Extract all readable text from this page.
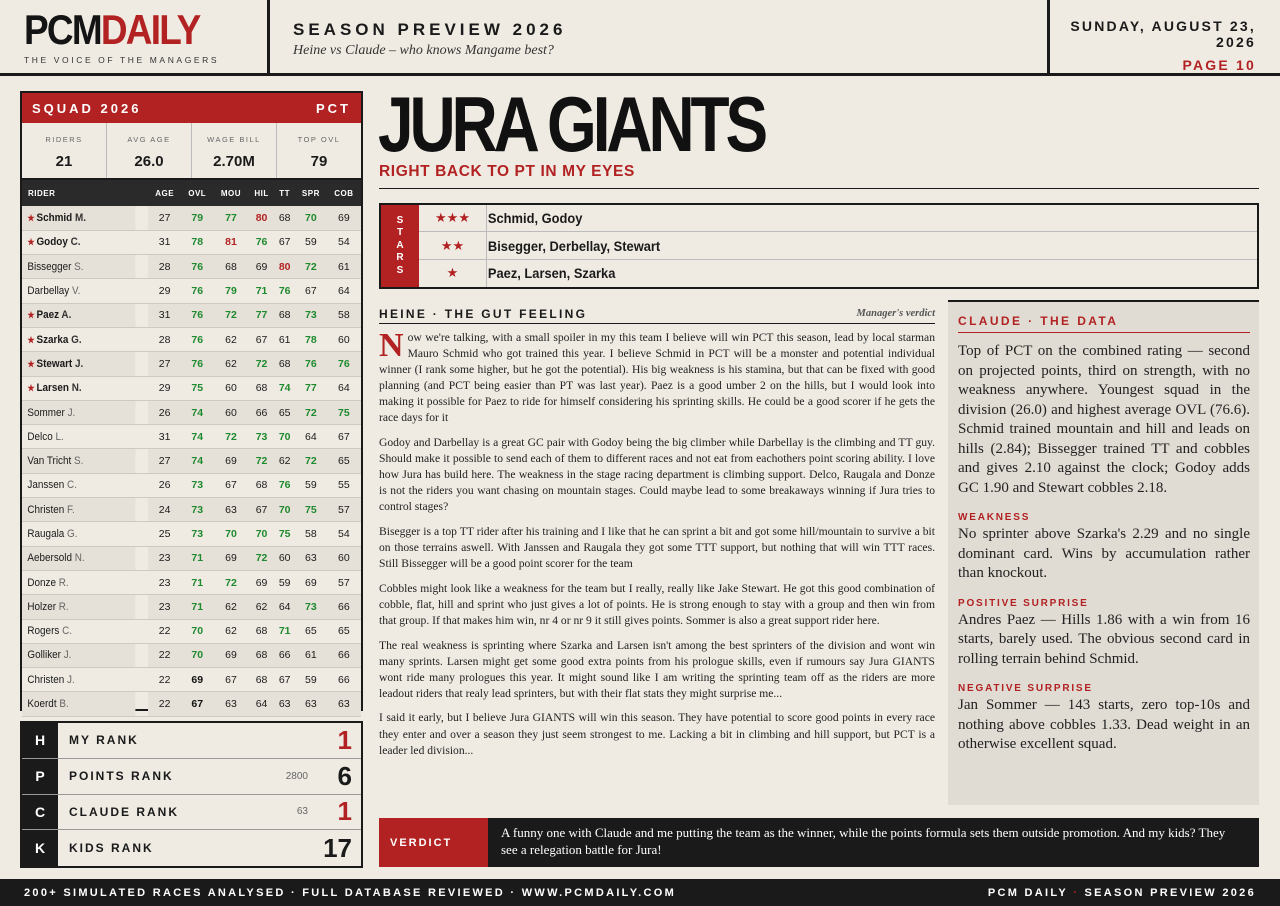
PCMDAILY
THE VOICE OF THE MANAGERS
SEASON PREVIEW 2026
Heine vs Claude – who knows Mangame best?
SUNDAY, AUGUST 23, 2026
PAGE 10
SQUAD 2026	PCT
RIDERS
21
AVG AGE
26.0
WAGE BILL
2.70M
TOP OVL
79
RIDER	AGE	OVL	MOU	HIL	TT	SPR	COB
★ Schmid M.	27	79	77	80	68	70	69
★ Godoy C.	31	78	81	76	67	59	54
Bissegger S.	28	76	68	69	80	72	61
Darbellay V.	29	76	79	71	76	67	64
★ Paez A.	31	76	72	77	68	73	58
★ Szarka G.	28	76	62	67	61	78	60
★ Stewart J.	27	76	62	72	68	76	76
★ Larsen N.	29	75	60	68	74	77	64
Sommer J.	26	74	60	66	65	72	75
Delco L.	31	74	72	73	70	64	67
Van Tricht S.	27	74	69	72	62	72	65
Janssen C.	26	73	67	68	76	59	55
Christen F.	24	73	63	67	70	75	57
Raugala G.	25	73	70	70	75	58	54
Aebersold N.	23	71	69	72	60	63	60
Donze R.	23	71	72	69	59	69	57
Holzer R.	23	71	62	62	64	73	66
Rogers C.	22	70	62	68	71	65	65
Golliker J.	22	70	69	68	66	61	66
Christen J.	22	69	67	68	67	59	66
Koerdt B.	22	67	63	64	63	63	63
H	MY RANK	1
P	POINTS RANK	2800	6
C	CLAUDE RANK	63	1
K	KIDS RANK	17
JURA GIANTS
RIGHT BACK TO PT IN MY EYES
S
T
A
R
S
★★★	Schmid, Godoy
★★	Bisegger, Derbellay, Stewart
★	Paez, Larsen, Szarka
HEINE · THE GUT FEELING	Manager's verdict

Now we're talking, with a small spoiler in my this team I believe will win PCT this season, lead by local starman Mauro Schmid who got trained this year. I believe Schmid in PCT will be a monster and potential individual winner (I rank some higher, but he got the potential). His big weakness is his stamina, but that can be fixed with good planning (and PCT being easier than PT was last year). Paez is a good umber 2 on the hills, but I would look into making it possible for Paez to ride for himself considering his sprinting skills. He could be a good scorer if he gets the race days for it

Godoy and Darbellay is a great GC pair with Godoy being the big climber while Darbellay is the climbing and TT guy. Should make it possible to send each of them to different races and not eat from eachothers point scoring ability. I love how Jura has build here. The weakness in the stage racing department is climbing support. Delco, Raugala and Donze is not the riders you want chasing on mountain stages. Could maybe lead to some breakaways winning if Jura tries to control stages?

Bisegger is a top TT rider after his training and I like that he can sprint a bit and got some hill/mountain to survive a bit on those terrains aswell. With Janssen and Raugala they got some TTT support, but nothing that will win TTT races. Still Bissegger will be a good point scorer for the team

Cobbles might look like a weakness for the team but I really, really like Jake Stewart. He got this good combination of cobble, flat, hill and sprint who just gives a lot of points. He is strong enough to stay with a group and then win from that group. If that makes him win, nr 4 or nr 9 it still gives points. Sommer is also a great support rider here.

The real weakness is sprinting where Szarka and Larsen isn't among the best sprinters of the division and wont win many sprints. Larsen might get some good extra points from his prologue skills, even if rumours say Jura GIANTS wont ride many prologues this year. It might sound like I am writing the sprinting team off as the riders are more leadout riders that realy lead sprinters, but with their flat stats they might surprise me...

I said it early, but I believe Jura GIANTS will win this season. They have potential to score good points in every race they enter and over a season they just seem strongest to me. Lacking a bit in climbing and hill support, but PCT is a leader led division...

CLAUDE · THE DATA
Top of PCT on the combined rating — second on projected points, third on strength, with no weakness anywhere. Youngest squad in the division (26.0) and highest average OVL (76.6). Schmid trained mountain and hill and leads on hills (2.84); Bissegger trained TT and cobbles and gives 2.10 against the clock; Godoy adds GC 1.90 and Stewart cobbles 2.18.
WEAKNESS
No sprinter above Szarka's 2.29 and no single dominant card. Wins by accumulation rather than knockout.
POSITIVE SURPRISE
Andres Paez — Hills 1.86 with a win from 16 starts, barely used. The obvious second card in rolling terrain behind Schmid.
NEGATIVE SURPRISE
Jan Sommer — 143 starts, zero top-10s and nothing above cobbles 1.33. Dead weight in an otherwise excellent squad.
VERDICT
A funny one with Claude and me putting the team as the winner, while the points formula sets them outside promotion. And my kids? They see a relegation battle for Jura!
200+ SIMULATED RACES ANALYSED · FULL DATABASE REVIEWED · WWW.PCMDAILY.COM	PCM DAILY · SEASON PREVIEW 2026
